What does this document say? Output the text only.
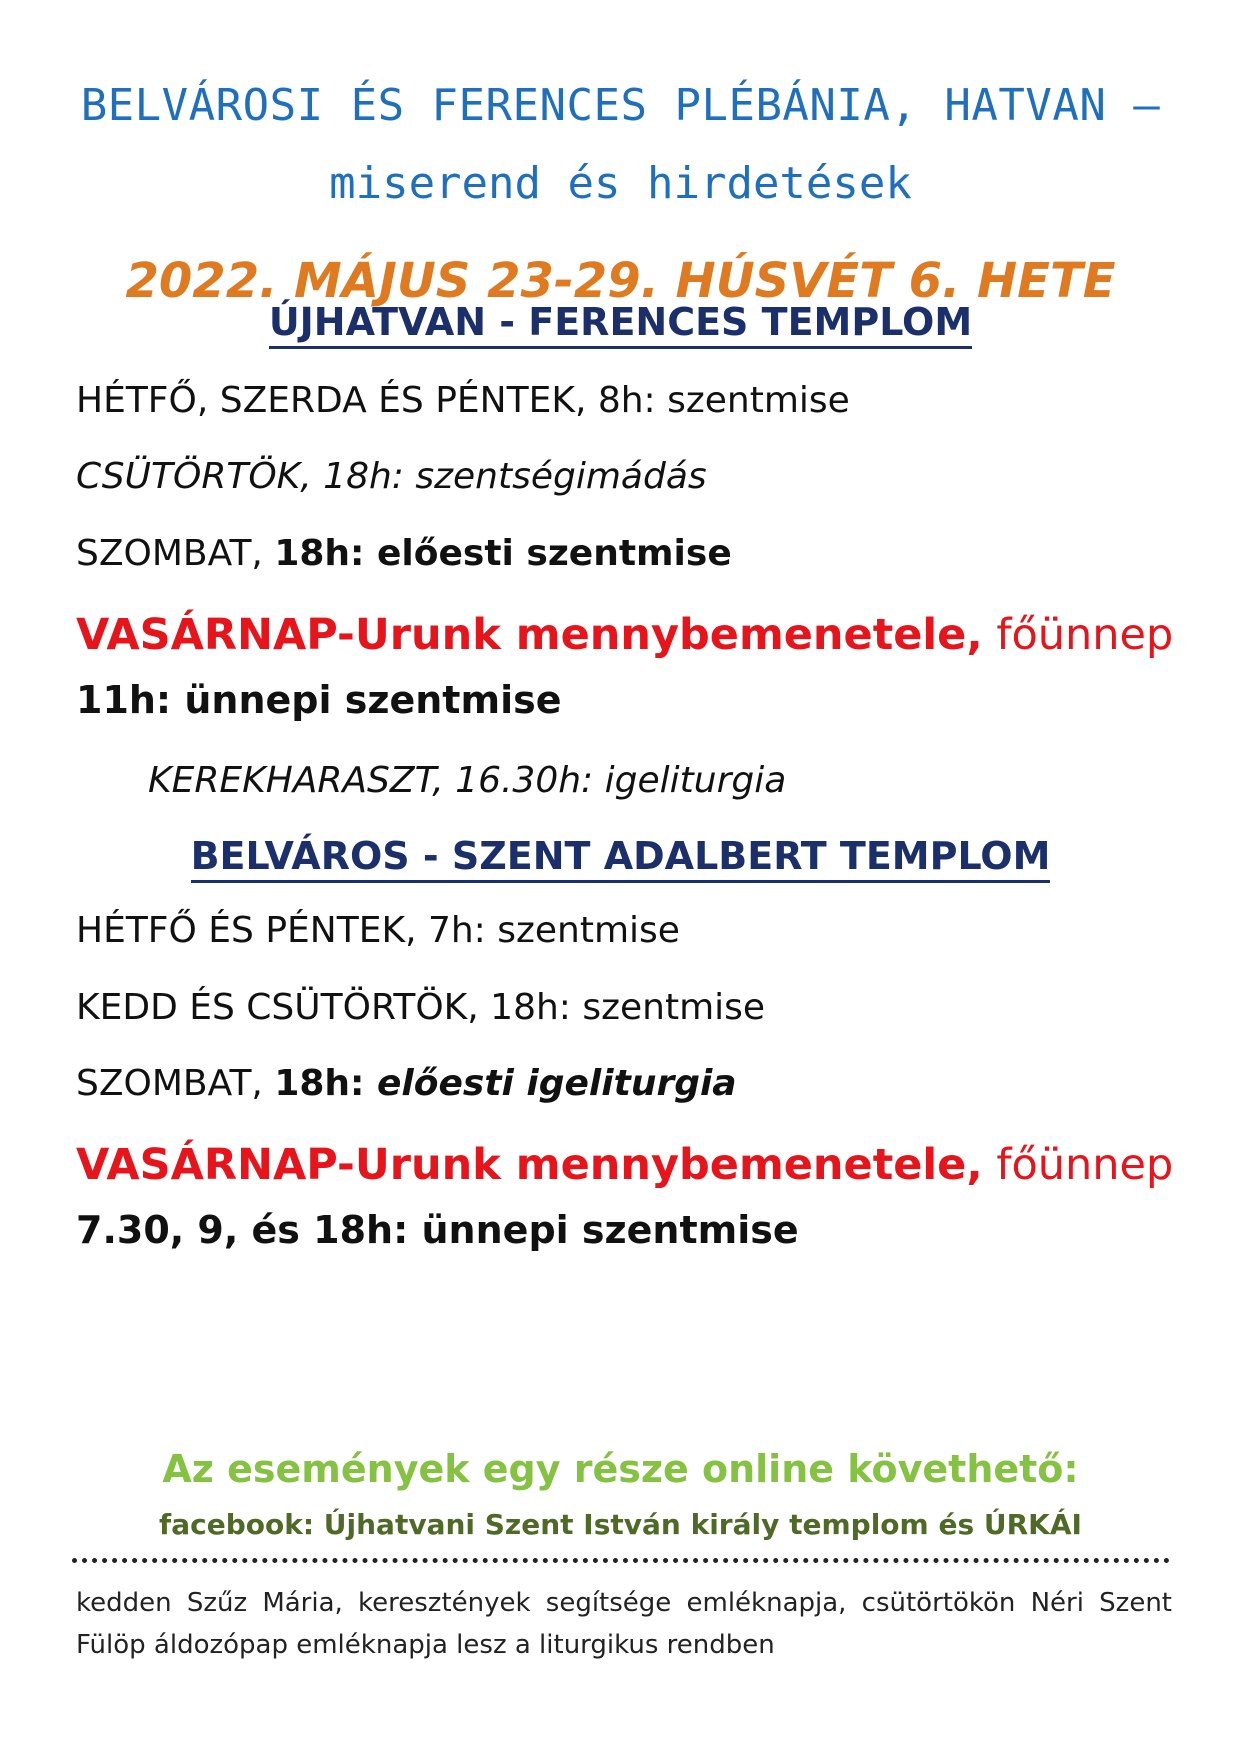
BELVÁROSI ÉS FERENCES PLÉBÁNIA, HATVAN –
miserend és hirdetések
2022. MÁJUS 23-29. HÚSVÉT 6. HETE
ÚJHATVAN - FERENCES TEMPLOM
HÉTFŐ, SZERDA ÉS PÉNTEK, 8h: szentmise
CSÜTÖRTÖK, 18h: szentségimádás
SZOMBAT, 18h: előesti szentmise
VASÁRNAP-Urunk mennybemenetele, főünnep
11h: ünnepi szentmise
KEREKHARASZT, 16.30h: igeliturgia
BELVÁROS - SZENT ADALBERT TEMPLOM
HÉTFŐ ÉS PÉNTEK, 7h: szentmise
KEDD ÉS CSÜTÖRTÖK, 18h: szentmise
SZOMBAT, 18h: előesti igeliturgia
VASÁRNAP-Urunk mennybemenetele, főünnep
7.30, 9, és 18h: ünnepi szentmise
Az események egy része online követhető:
facebook: Újhatvani Szent István király templom és ÚRKÁI
kedden Szűz Mária, keresztények segítsége emléknapja, csütörtökön Néri Szent Fülöp áldozópap emléknapja lesz a liturgikus rendben
